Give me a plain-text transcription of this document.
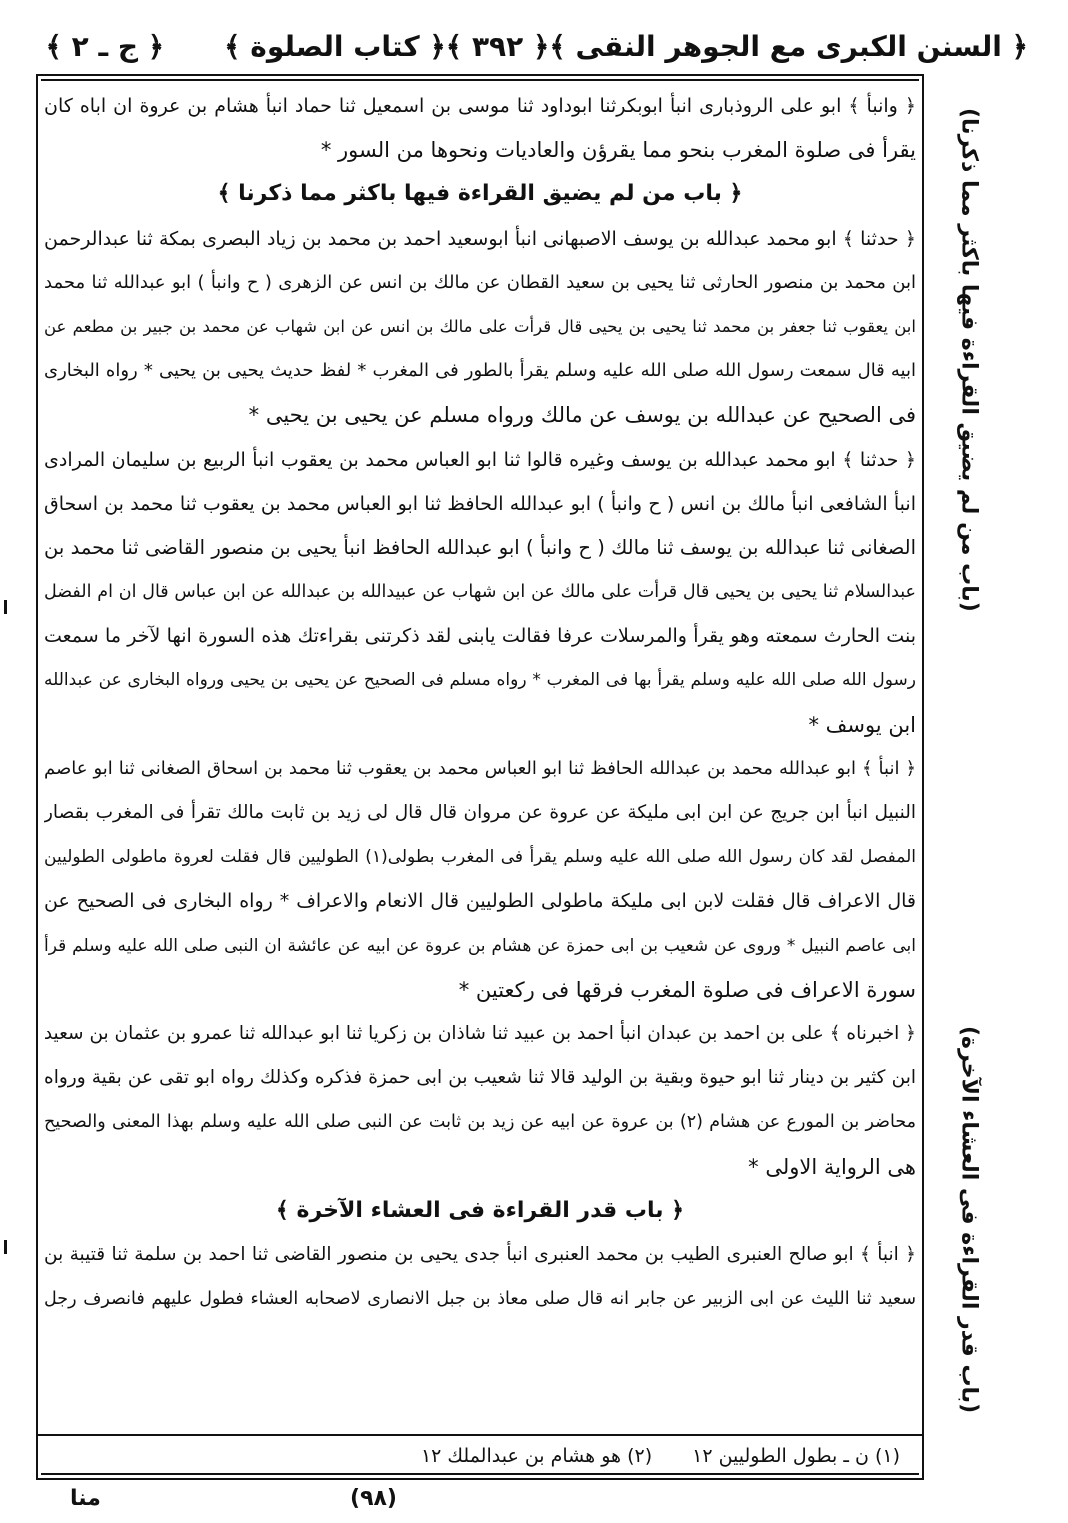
﴿ السنن الكبرى مع الجوهر النقى ﴾
﴿ ٣٩٢ ﴾
﴿ كتاب الصلوة ﴾
﴿ ج ـ ٢ ﴾
﴿ وانبأ ﴾ ابو على الروذبارى انبأ ابوبكرثنا ابوداود ثنا موسى بن اسمعيل ثنا حماد انبأ هشام بن عروة ان اباه كان
يقرأ فى صلوة المغرب بنحو مما يقرؤن والعاديات ونحوها من السور *
﴿ باب من لم يضيق القراءة فيها باكثر مما ذكرنا ﴾
﴿ حدثنا ﴾ ابو محمد عبدالله بن يوسف الاصبهانى انبأ ابوسعيد احمد بن محمد بن زياد البصرى بمكة ثنا عبدالرحمن
ابن محمد بن منصور الحارثى ثنا يحيى بن سعيد القطان عن مالك بن انس عن الزهرى ( ح وانبأ ) ابو عبدالله ثنا محمد
ابن يعقوب ثنا جعفر بن محمد ثنا يحيى بن يحيى قال قرأت على مالك بن انس عن ابن شهاب عن محمد بن جبير بن مطعم عن
ابيه قال سمعت رسول الله صلى الله عليه وسلم يقرأ بالطور فى المغرب * لفظ حديث يحيى بن يحيى * رواه البخارى
فى الصحيح عن عبدالله بن يوسف عن مالك ورواه مسلم عن يحيى بن يحيى *
﴿ حدثنا ﴾ ابو محمد عبدالله بن يوسف وغيره قالوا ثنا ابو العباس محمد بن يعقوب انبأ الربيع بن سليمان المرادى
انبأ الشافعى انبأ مالك بن انس ( ح وانبأ ) ابو عبدالله الحافظ ثنا ابو العباس محمد بن يعقوب ثنا محمد بن اسحاق
الصغانى ثنا عبدالله بن يوسف ثنا مالك ( ح وانبأ ) ابو عبدالله الحافظ انبأ يحيى بن منصور القاضى ثنا محمد بن
عبدالسلام ثنا يحيى بن يحيى قال قرأت على مالك عن ابن شهاب عن عبيدالله بن عبدالله عن ابن عباس قال ان ام الفضل
بنت الحارث سمعته وهو يقرأ والمرسلات عرفا فقالت يابنى لقد ذكرتنى بقراءتك هذه السورة انها لآخر ما سمعت
رسول الله صلى الله عليه وسلم يقرأ بها فى المغرب * رواه مسلم فى الصحيح عن يحيى بن يحيى ورواه البخارى عن عبدالله
ابن يوسف *
﴿ انبأ ﴾ ابو عبدالله محمد بن عبدالله الحافظ ثنا ابو العباس محمد بن يعقوب ثنا محمد بن اسحاق الصغانى ثنا ابو عاصم
النبيل انبأ ابن جريج عن ابن ابى مليكة عن عروة عن مروان قال قال لى زيد بن ثابت مالك تقرأ فى المغرب بقصار
المفصل لقد كان رسول الله صلى الله عليه وسلم يقرأ فى المغرب بطولى(١) الطوليين قال فقلت لعروة ماطولى الطوليين
قال الاعراف قال فقلت لابن ابى مليكة ماطولى الطوليين قال الانعام والاعراف * رواه البخارى فى الصحيح عن
ابى عاصم النبيل * وروى عن شعيب بن ابى حمزة عن هشام بن عروة عن ابيه عن عائشة ان النبى صلى الله عليه وسلم قرأ
سورة الاعراف فى صلوة المغرب فرقها فى ركعتين *
﴿ اخبرناه ﴾ على بن احمد بن عبدان انبأ احمد بن عبيد ثنا شاذان بن زكريا ثنا ابو عبدالله ثنا عمرو بن عثمان بن سعيد
ابن كثير بن دينار ثنا ابو حيوة وبقية بن الوليد قالا ثنا شعيب بن ابى حمزة فذكره وكذلك رواه ابو تقى عن بقية ورواه
محاضر بن المورع عن هشام (٢) بن عروة عن ابيه عن زيد بن ثابت عن النبى صلى الله عليه وسلم بهذا المعنى والصحيح
هى الرواية الاولى *
﴿ باب قدر القراءة فى العشاء الآخرة ﴾
﴿ انبأ ﴾ ابو صالح العنبرى الطيب بن محمد العنبرى انبأ جدى يحيى بن منصور القاضى ثنا احمد بن سلمة ثنا قتيبة بن
سعيد ثنا الليث عن ابى الزبير عن جابر انه قال صلى معاذ بن جبل الانصارى لاصحابه العشاء فطول عليهم فانصرف رجل
(١) ن ـ بطول الطوليين ١٢
(٢) هو هشام بن عبدالملك ١٢
(باب من لم يضيق القراءة فيها باكثر مما ذكرنا)
(باب قدر القراءة فى العشاء الآخرة)
منا	(٩٨)
